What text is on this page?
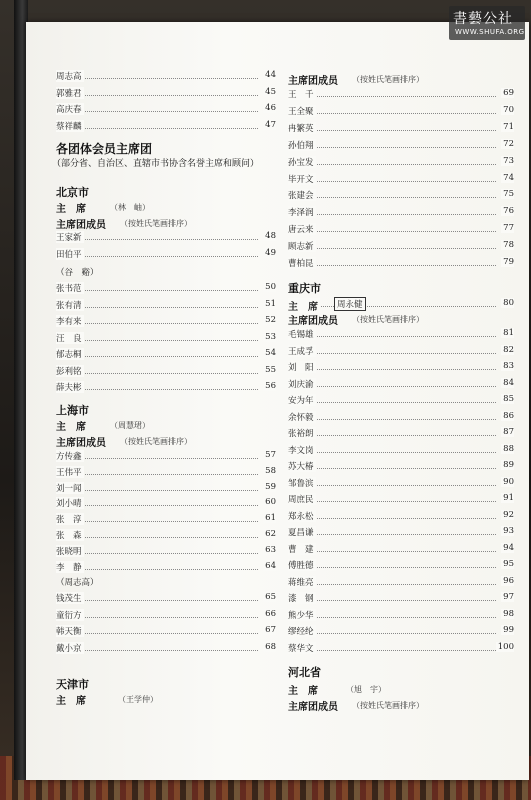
周志高	44
郭雅君	45
高庆春	46
蔡祥麟	47
各团体会员主席团
（部分省、自治区、直辖市书协含名誉主席和顾问）
北京市
主　席	（林　岫）
主席团成员 （按姓氏笔画排序）
王家新	48
田伯平	49
（谷　谿）
张书范	50
张有清	51
李有来	52
汪　良	53
郁志桐	54
彭利铭	55
薛夫彬	56
上海市
主　席	（周慧珺）
主席团成员 （按姓氏笔画排序）
方传鑫	57
王伟平	58
刘一闻	59
刘小晴	60
张　淳	61
张　森	62
张晓明	63
李　静	64
（周志高）
钱茂生	65
童衍方	66
韩天衡	67
戴小京	68
天津市
主　席	（王学仲）
主席团成员 （按姓氏笔画排序）
王　千	69
王全聚	70
冉繁英	71
孙伯翔	72
孙宝发	73
毕开文	74
张建会	75
李泽润	76
唐云来	77
顾志新	78
曹柏昆	79
重庆市
主　席	周永健	80
主席团成员 （按姓氏笔画排序）
毛锡雄	81
王成孚	82
刘　阳	83
刘庆渝	84
安为年	85
余怀毅	86
张裕朗	87
李文岗	88
苏大椿	89
邹鲁滨	90
周庶民	91
郑永松	92
夏昌谦	93
曹　建	94
傅胜德	95
蒋维亮	96
漆　钢	97
熊少华	98
缪经纶	99
蔡华文	100
河北省
主　席	（旭　宇）
主席团成员 （按姓氏笔画排序）
書藝公社
WWW.SHUFA.ORG
